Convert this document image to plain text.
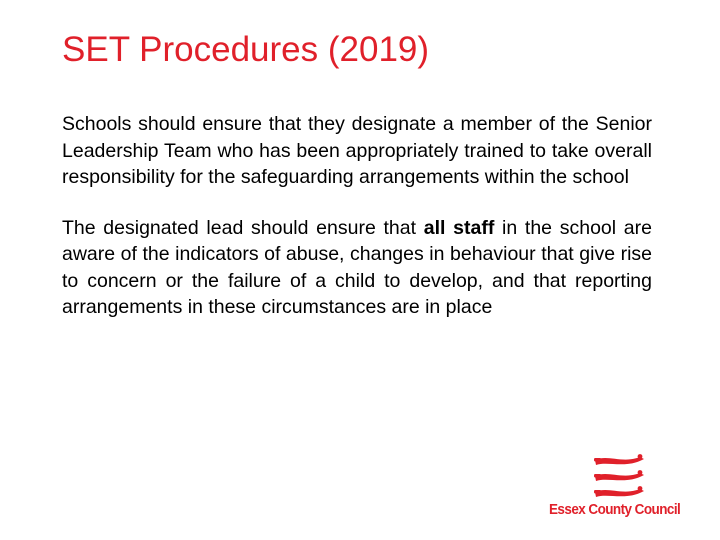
SET Procedures (2019)

Schools should ensure that they designate a member of the Senior Leadership Team who has been appropriately trained to take overall responsibility for the safeguarding arrangements within the school

The designated lead should ensure that all staff in the school are aware of the indicators of abuse, changes in behaviour that give rise to concern or the failure of a child to develop, and that reporting arrangements in these circumstances are in place

Essex County Council
